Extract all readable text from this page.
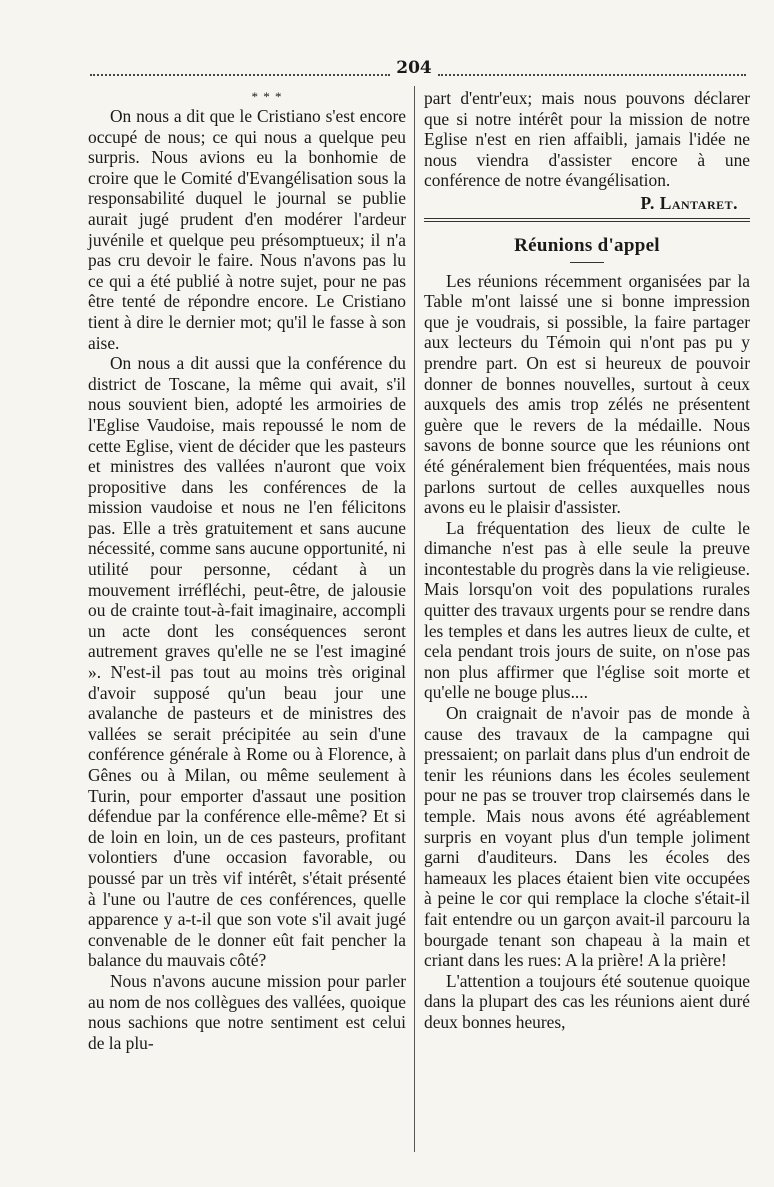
204
* * *

On nous a dit que le Cristiano s'est encore occupé de nous; ce qui nous a quelque peu surpris. Nous avions eu la bonhomie de croire que le Comité d'Evangélisation sous la responsabilité duquel le journal se publie aurait jugé prudent d'en modérer l'ardeur juvénile et quelque peu présomptueux; il n'a pas cru devoir le faire. Nous n'avons pas lu ce qui a été publié à notre sujet, pour ne pas être tenté de répondre encore. Le Cristiano tient à dire le dernier mot; qu'il le fasse à son aise.

On nous a dit aussi que la conférence du district de Toscane, la même qui avait, s'il nous souvient bien, adopté les armoiries de l'Eglise Vaudoise, mais repoussé le nom de cette Eglise, vient de décider que les pasteurs et ministres des vallées n'auront que voix propositive dans les conférences de la mission vaudoise et nous ne l'en félicitons pas. Elle a très gratuitement et sans aucune nécessité, comme sans aucune opportunité, ni utilité pour personne, cédant à un mouvement irréfléchi, peut-être, de jalousie ou de crainte tout-à-fait imaginaire, accompli un acte dont les conséquences seront autrement graves qu'elle ne se l'est imaginé ». N'est-il pas tout au moins très original d'avoir supposé qu'un beau jour une avalanche de pasteurs et de ministres des vallées se serait précipitée au sein d'une conférence générale à Rome ou à Florence, à Gênes ou à Milan, ou même seulement à Turin, pour emporter d'assaut une position défendue par la conférence elle-même? Et si de loin en loin, un de ces pasteurs, profitant volontiers d'une occasion favorable, ou poussé par un très vif intérêt, s'était présenté à l'une ou l'autre de ces conférences, quelle apparence y a-t-il que son vote s'il avait jugé convenable de le donner eût fait pencher la balance du mauvais côté?

Nous n'avons aucune mission pour parler au nom de nos collègues des vallées, quoique nous sachions que notre sentiment est celui de la plu-

part d'entr'eux; mais nous pouvons déclarer que si notre intérêt pour la mission de notre Eglise n'est en rien affaibli, jamais l'idée ne nous viendra d'assister encore à une conférence de notre évangélisation.

P. Lantaret.
Réunions d'appel

Les réunions récemment organisées par la Table m'ont laissé une si bonne impression que je voudrais, si possible, la faire partager aux lecteurs du Témoin qui n'ont pas pu y prendre part. On est si heureux de pouvoir donner de bonnes nouvelles, surtout à ceux auxquels des amis trop zélés ne présentent guère que le revers de la médaille. Nous savons de bonne source que les réunions ont été généralement bien fréquentées, mais nous parlons surtout de celles auxquelles nous avons eu le plaisir d'assister.

La fréquentation des lieux de culte le dimanche n'est pas à elle seule la preuve incontestable du progrès dans la vie religieuse. Mais lorsqu'on voit des populations rurales quitter des travaux urgents pour se rendre dans les temples et dans les autres lieux de culte, et cela pendant trois jours de suite, on n'ose pas non plus affirmer que l'église soit morte et qu'elle ne bouge plus....

On craignait de n'avoir pas de monde à cause des travaux de la campagne qui pressaient; on parlait dans plus d'un endroit de tenir les réunions dans les écoles seulement pour ne pas se trouver trop clairsemés dans le temple. Mais nous avons été agréablement surpris en voyant plus d'un temple joliment garni d'auditeurs. Dans les écoles des hameaux les places étaient bien vite occupées à peine le cor qui remplace la cloche s'était-il fait entendre ou un garçon avait-il parcouru la bourgade tenant son chapeau à la main et criant dans les rues: A la prière! A la prière!

L'attention a toujours été soutenue quoique dans la plupart des cas les réunions aient duré deux bonnes heures,
